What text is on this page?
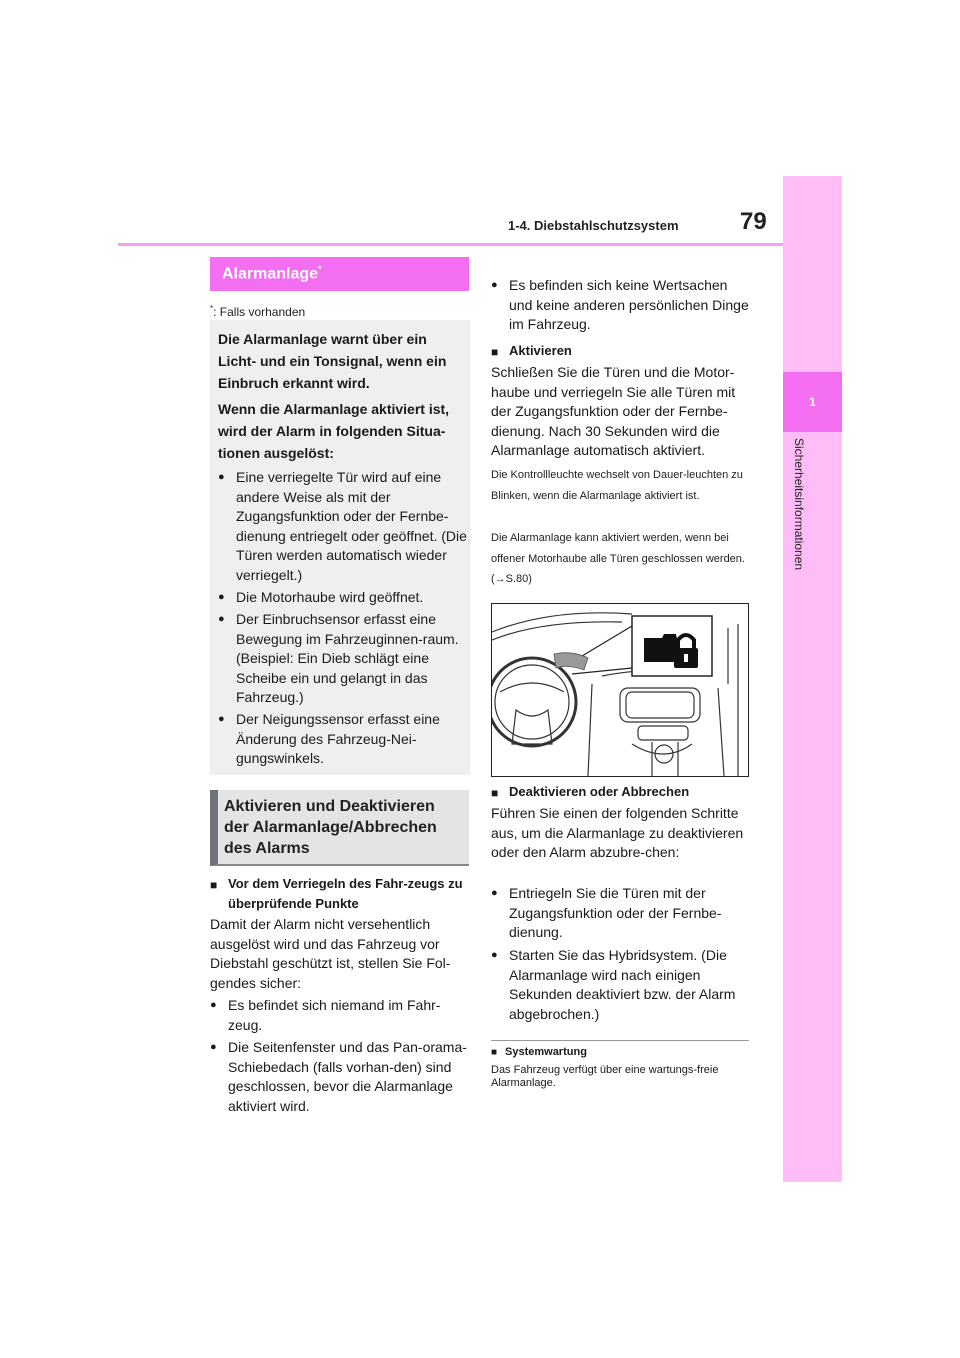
1-4. Diebstahlschutzsystem	79
1
Sicherheitsinformationen
Alarmanlage*
*: Falls vorhanden
Die Alarmanlage warnt über ein Licht- und ein Tonsignal, wenn ein Einbruch erkannt wird.
Wenn die Alarmanlage aktiviert ist, wird der Alarm in folgenden Situa-tionen ausgelöst:
● Eine verriegelte Tür wird auf eine andere Weise als mit der Zugangsfunktion oder der Fernbe-dienung entriegelt oder geöffnet. (Die Türen werden automatisch wieder verriegelt.)
● Die Motorhaube wird geöffnet.
● Der Einbruchsensor erfasst eine Bewegung im Fahrzeuginnen-raum. (Beispiel: Ein Dieb schlägt eine Scheibe ein und gelangt in das Fahrzeug.)
● Der Neigungssensor erfasst eine Änderung des Fahrzeug-Nei-gungswinkels.
Aktivieren und Deaktivieren der Alarmanlage/Abbrechen des Alarms
■ Vor dem Verriegeln des Fahr-zeugs zu überprüfende Punkte
Damit der Alarm nicht versehentlich ausgelöst wird und das Fahrzeug vor Diebstahl geschützt ist, stellen Sie Fol-gendes sicher:
● Es befindet sich niemand im Fahr-zeug.
● Die Seitenfenster und das Pan-orama-Schiebedach (falls vorhan-den) sind geschlossen, bevor die Alarmanlage aktiviert wird.
● Es befinden sich keine Wertsachen und keine anderen persönlichen Dinge im Fahrzeug.
■ Aktivieren
Schließen Sie die Türen und die Motor-haube und verriegeln Sie alle Türen mit der Zugangsfunktion oder der Fernbe-dienung. Nach 30 Sekunden wird die Alarmanlage automatisch aktiviert.
Die Kontrollleuchte wechselt von Dauer-leuchten zu Blinken, wenn die Alarmanlage aktiviert ist.
Die Alarmanlage kann aktiviert werden, wenn bei offener Motorhaube alle Türen geschlossen werden. (→S.80)
■ Deaktivieren oder Abbrechen
Führen Sie einen der folgenden Schritte aus, um die Alarmanlage zu deaktivieren oder den Alarm abzubre-chen:
● Entriegeln Sie die Türen mit der Zugangsfunktion oder der Fernbe-dienung.
● Starten Sie das Hybridsystem. (Die Alarmanlage wird nach einigen Sekunden deaktiviert bzw. der Alarm abgebrochen.)
■ Systemwartung
Das Fahrzeug verfügt über eine wartungs-freie Alarmanlage.
